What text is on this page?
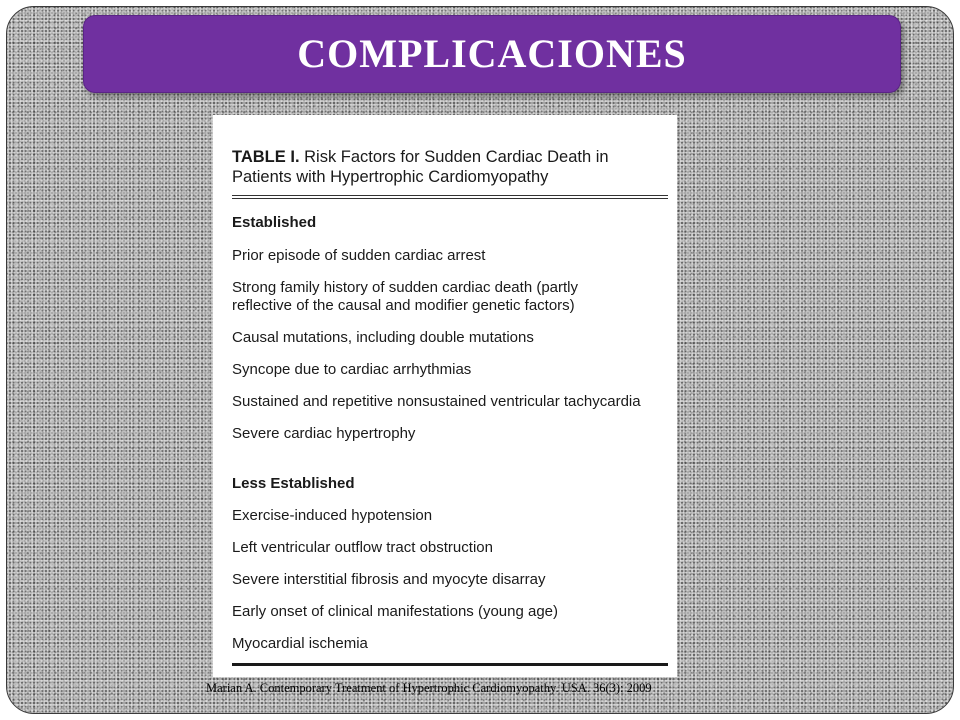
COMPLICACIONES
TABLE I. Risk Factors for Sudden Cardiac Death in
Patients with Hypertrophic Cardiomyopathy
Established
Prior episode of sudden cardiac arrest
Strong family history of sudden cardiac death (partly
reflective of the causal and modifier genetic factors)
Causal mutations, including double mutations
Syncope due to cardiac arrhythmias
Sustained and repetitive nonsustained ventricular tachycardia
Severe cardiac hypertrophy
Less Established
Exercise-induced hypotension
Left ventricular outflow tract obstruction
Severe interstitial fibrosis and myocyte disarray
Early onset of clinical manifestations (young age)
Myocardial ischemia
Marian A. Contemporary Treatment of Hypertrophic Cardiomyopathy. USA. 36(3): 2009
